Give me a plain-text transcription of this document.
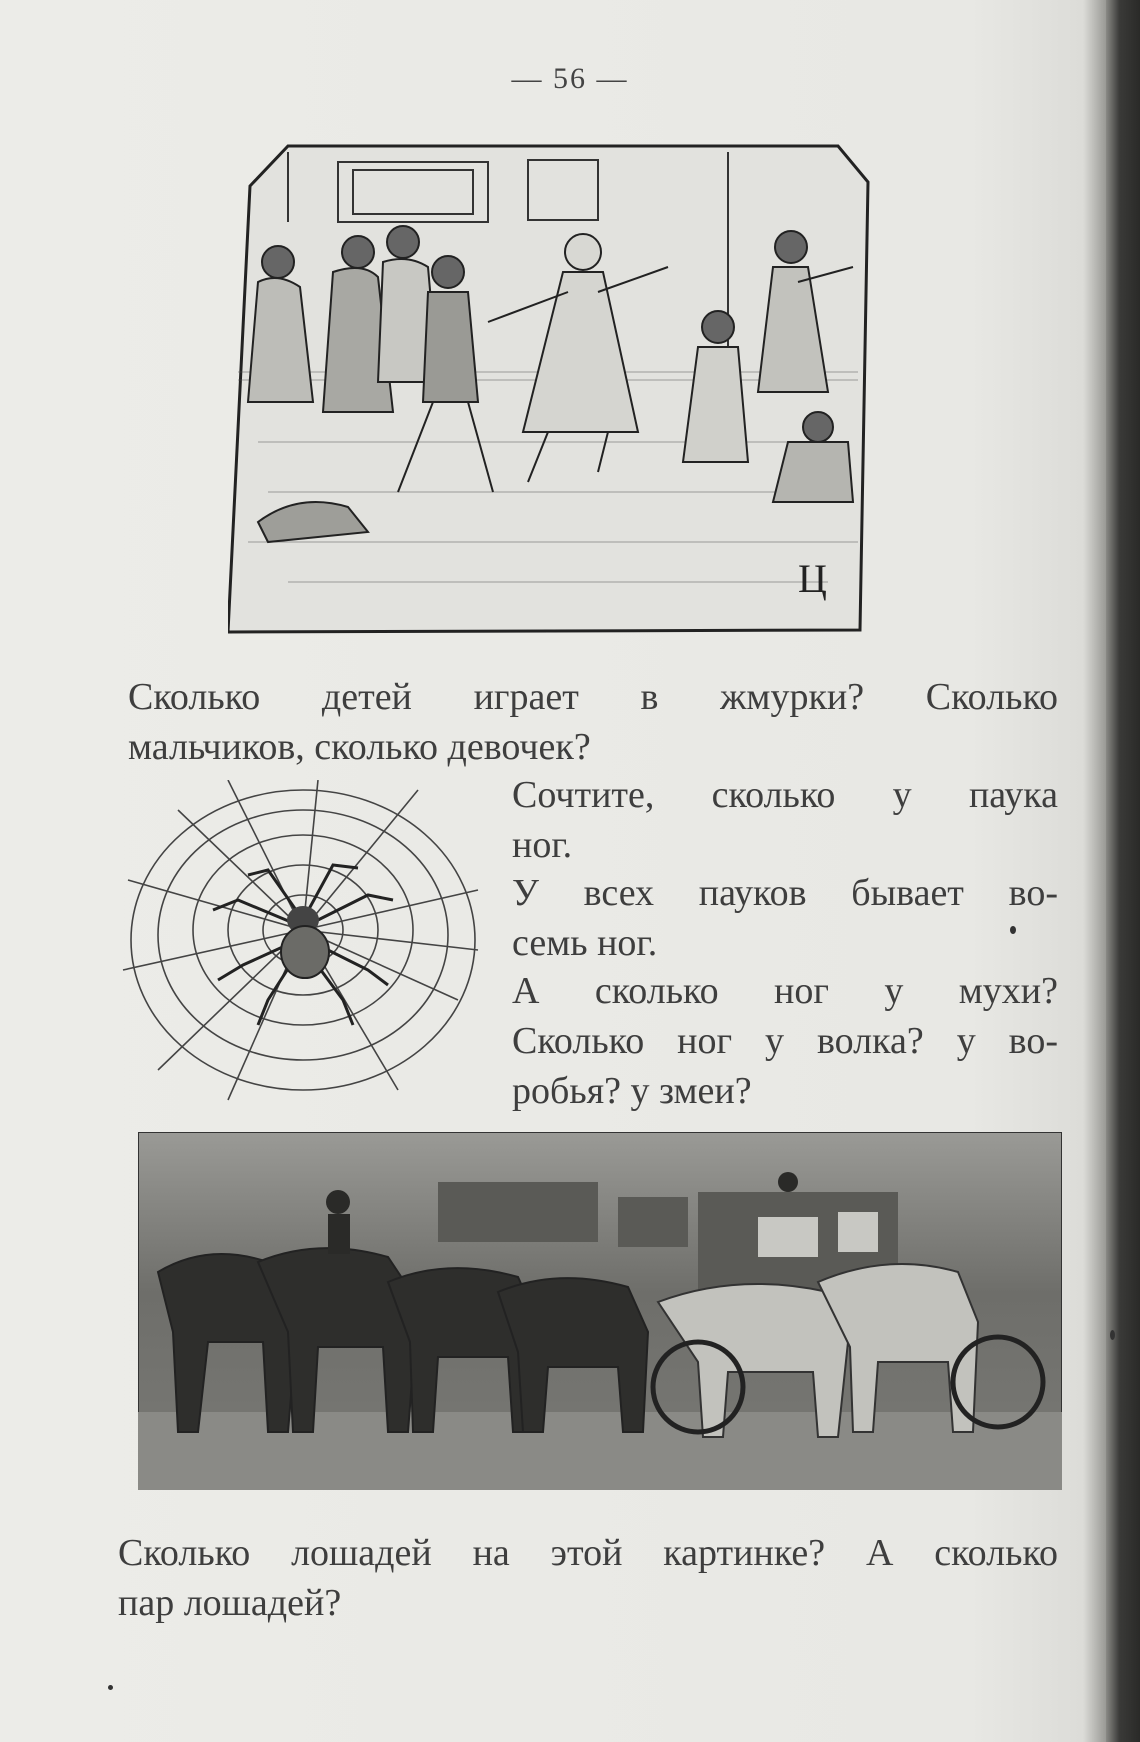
— 56 —
Ц
Сколько детей играет в жмурки? Сколько
мальчиков, сколько девочек?
Сочтите, сколько у паука
ног.
У всех пауков бывает во-
семь ног.
А сколько ног у мухи?
Сколько ног у волка? у во-
робья? у змеи?
Сколько лошадей на этой картинке? А сколько
пар лошадей?
